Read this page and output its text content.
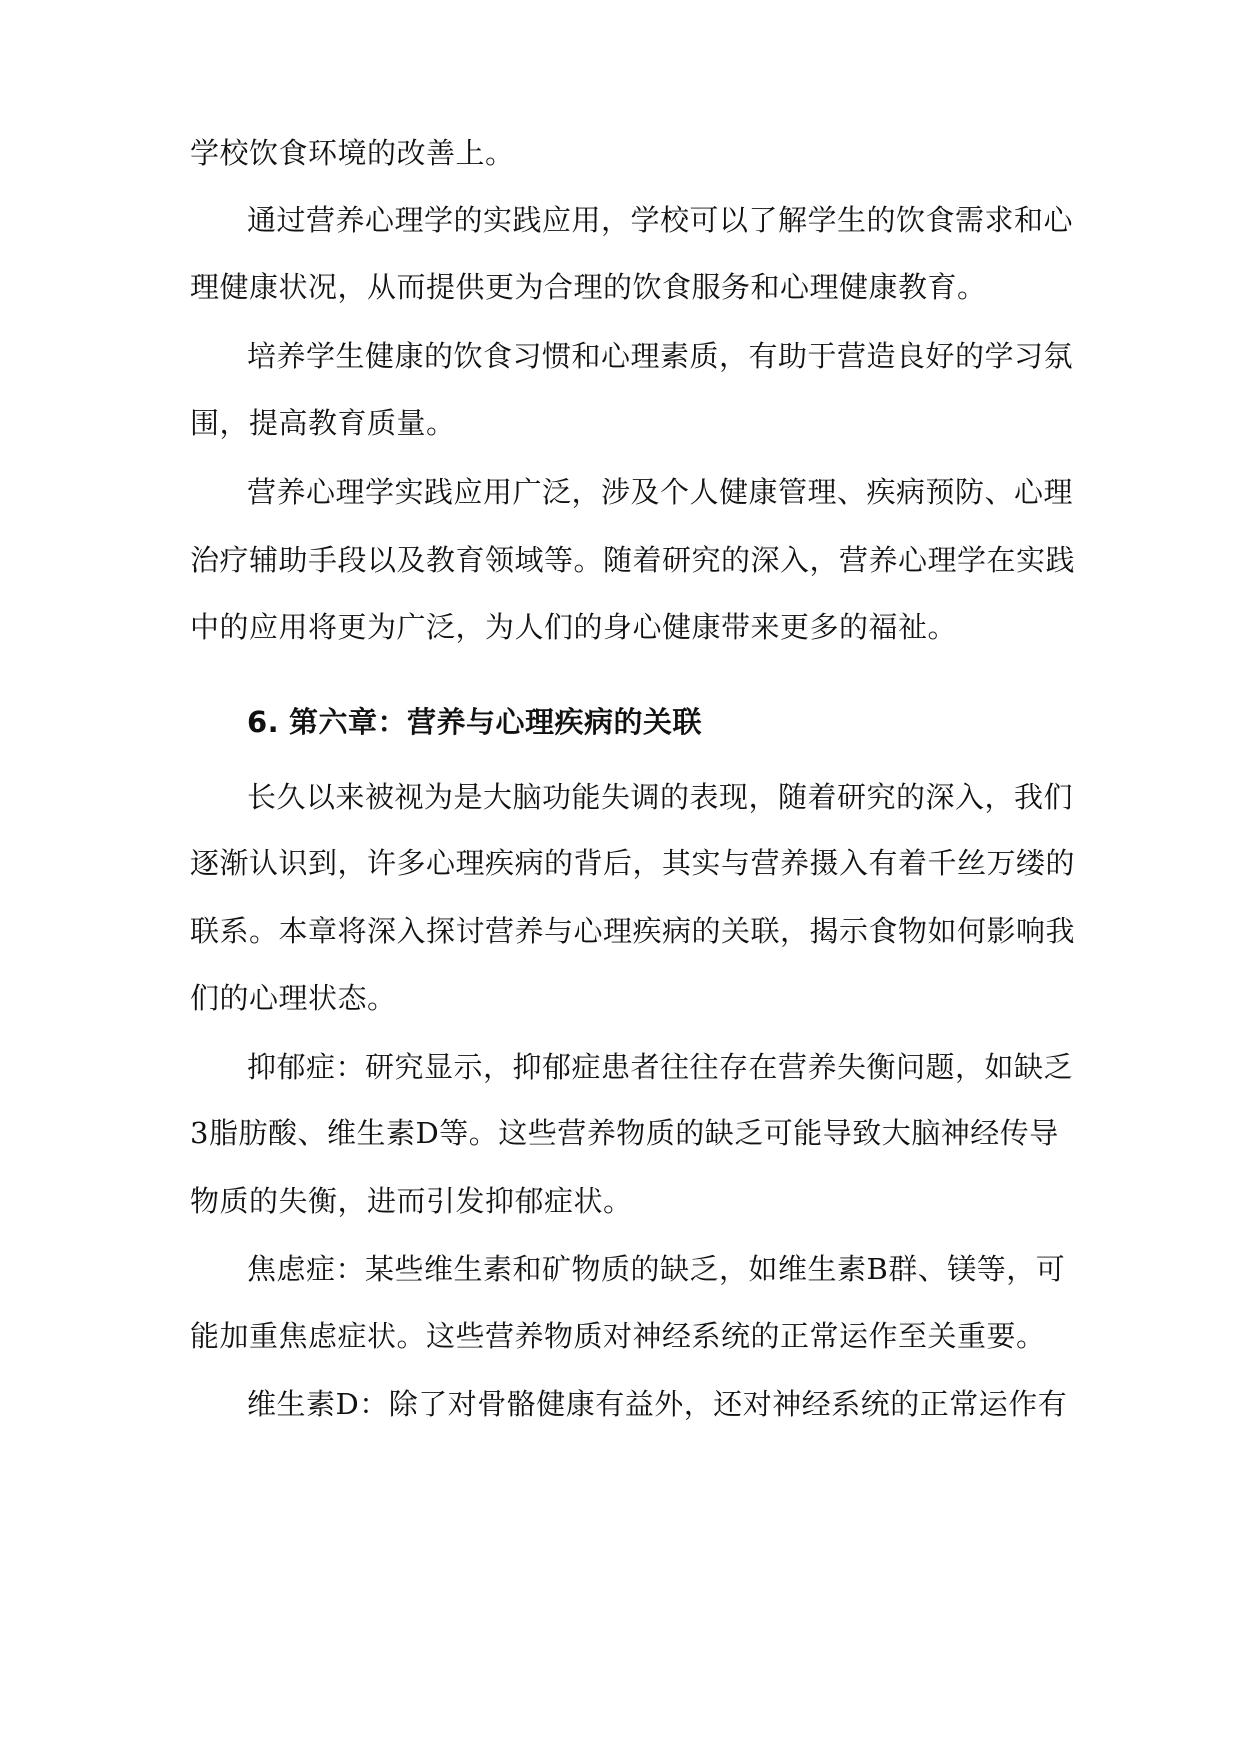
学校饮食环境的改善上。
通过营养心理学的实践应用，学校可以了解学生的饮食需求和心
理健康状况，从而提供更为合理的饮食服务和心理健康教育。
培养学生健康的饮食习惯和心理素质，有助于营造良好的学习氛
围，提高教育质量。
营养心理学实践应用广泛，涉及个人健康管理、疾病预防、心理
治疗辅助手段以及教育领域等。随着研究的深入，营养心理学在实践
中的应用将更为广泛，为人们的身心健康带来更多的福祉。
6. 第六章：营养与心理疾病的关联
长久以来被视为是大脑功能失调的表现，随着研究的深入，我们
逐渐认识到，许多心理疾病的背后，其实与营养摄入有着千丝万缕的
联系。本章将深入探讨营养与心理疾病的关联，揭示食物如何影响我
们的心理状态。
抑郁症：研究显示，抑郁症患者往往存在营养失衡问题，如缺乏
3脂肪酸、维生素D等。这些营养物质的缺乏可能导致大脑神经传导
物质的失衡，进而引发抑郁症状。
焦虑症：某些维生素和矿物质的缺乏，如维生素B群、镁等，可
能加重焦虑症状。这些营养物质对神经系统的正常运作至关重要。
维生素D：除了对骨骼健康有益外，还对神经系统的正常运作有
